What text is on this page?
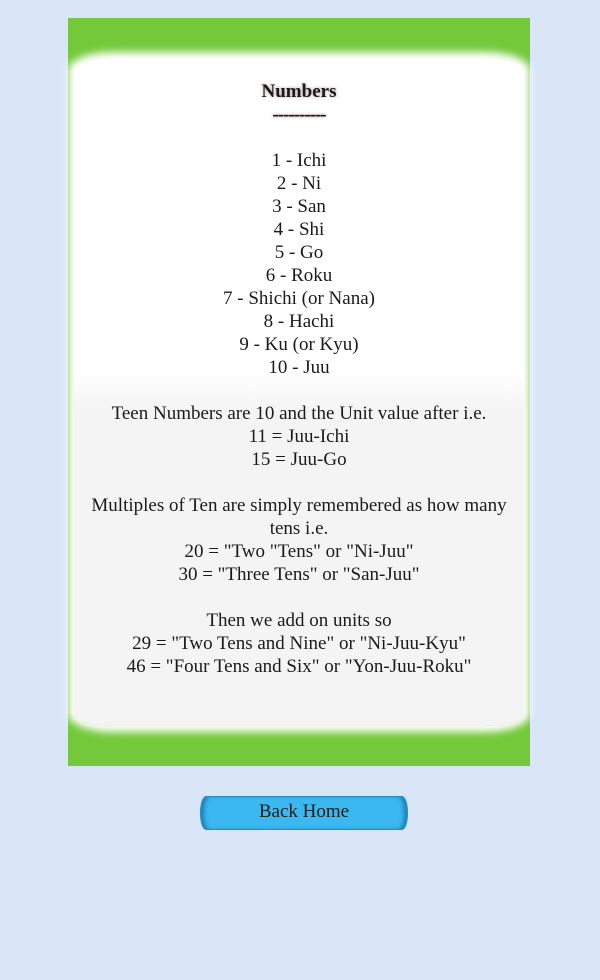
Numbers
----------
1 - Ichi
2 - Ni
3 - San
4 - Shi
5 - Go
6 - Roku
7 - Shichi (or Nana)
8 - Hachi
9 - Ku (or Kyu)
10 - Juu
Teen Numbers are 10 and the Unit value after i.e.
11 = Juu-Ichi
15 = Juu-Go
Multiples of Ten are simply remembered as how many tens i.e.
20 = "Two "Tens" or "Ni-Juu"
30 = "Three Tens" or "San-Juu"
Then we add on units so
29 = "Two Tens and Nine" or "Ni-Juu-Kyu"
46 = "Four Tens and Six" or "Yon-Juu-Roku"
Back Home
